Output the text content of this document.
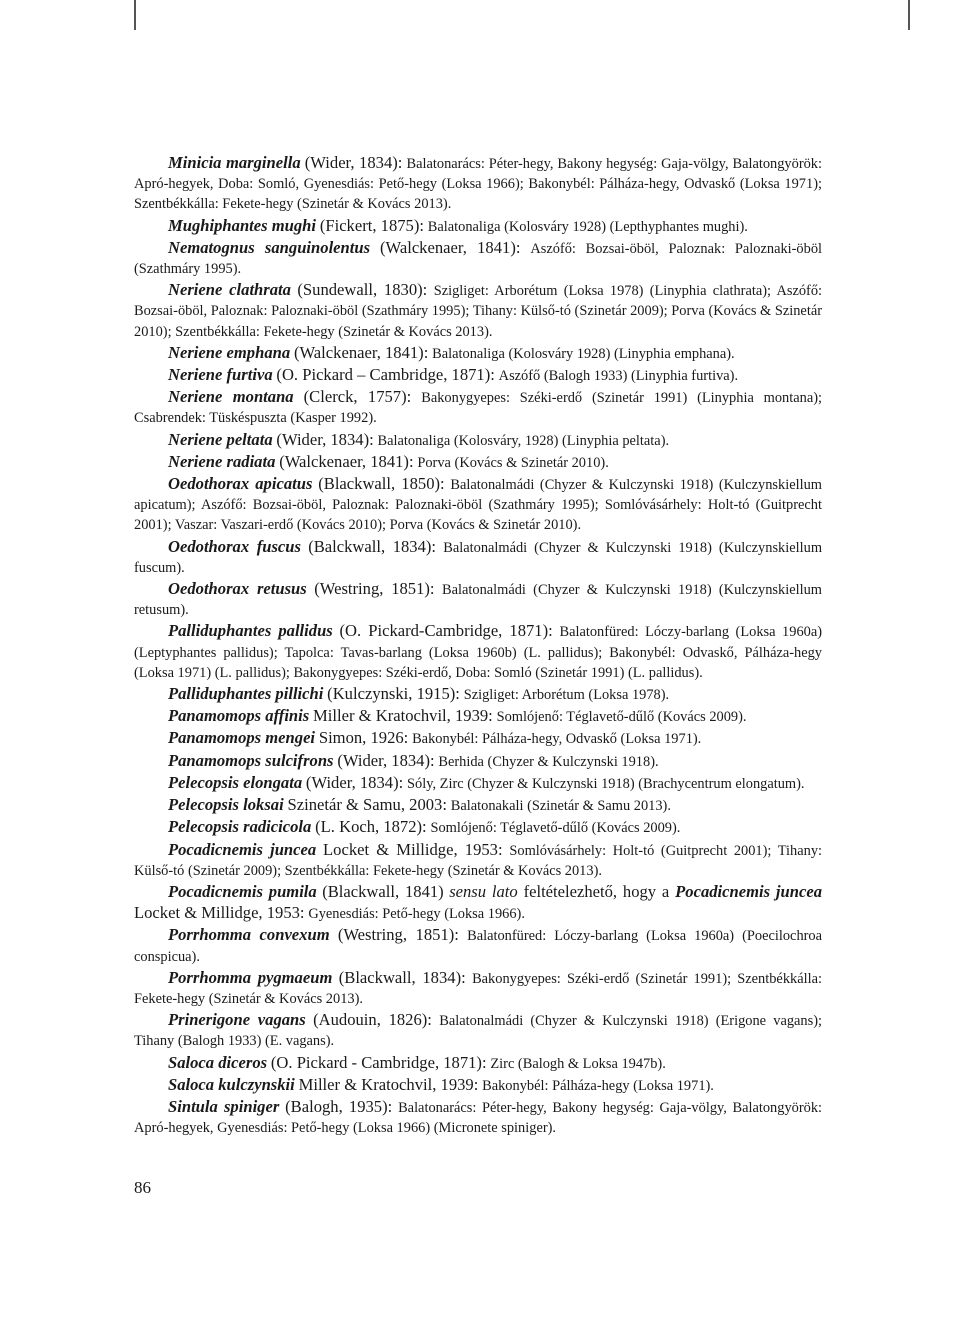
Minicia marginella (Wider, 1834): Balatonarács: Péter-hegy, Bakony hegység: Gaja-völgy, Balatongyörök: Apró-hegyek, Doba: Somló, Gyenesdiás: Pető-hegy (Loksa 1966); Bakonybél: Pálháza-hegy, Odvaskő (Loksa 1971); Szentbékkálla: Fekete-hegy (Szinetár & Kovács 2013).

Mughiphantes mughi (Fickert, 1875): Balatonaliga (Kolosváry 1928) (Lepthyphantes mughi).

Nematognus sanguinolentus (Walckenaer, 1841): Aszófő: Bozsai-öböl, Paloznak: Paloznaki-öböl (Szathmáry 1995).

Neriene clathrata (Sundewall, 1830): Szigliget: Arborétum (Loksa 1978) (Linyphia clathrata); Aszófő: Bozsai-öböl, Paloznak: Paloznaki-öböl (Szathmáry 1995); Tihany: Külső-tó (Szinetár 2009); Porva (Kovács & Szinetár 2010); Szentbékkálla: Fekete-hegy (Szinetár & Kovács 2013).

Neriene emphana (Walckenaer, 1841): Balatonaliga (Kolosváry 1928) (Linyphia emphana).

Neriene furtiva (O. Pickard – Cambridge, 1871): Aszófő (Balogh 1933) (Linyphia furtiva).

Neriene montana (Clerck, 1757): Bakonygyepes: Széki-erdő (Szinetár 1991) (Linyphia montana); Csabrendek: Tüskéspuszta (Kasper 1992).

Neriene peltata (Wider, 1834): Balatonaliga (Kolosváry, 1928) (Linyphia peltata).

Neriene radiata (Walckenaer, 1841): Porva (Kovács & Szinetár 2010).

Oedothorax apicatus (Blackwall, 1850): Balatonalmádi (Chyzer & Kulczynski 1918) (Kulczynskiellum apicatum); Aszófő: Bozsai-öböl, Paloznak: Paloznaki-öböl (Szathmáry 1995); Somlóvásárhely: Holt-tó (Guitprecht 2001); Vaszar: Vaszari-erdő (Kovács 2010); Porva (Kovács & Szinetár 2010).

Oedothorax fuscus (Balckwall, 1834): Balatonalmádi (Chyzer & Kulczynski 1918) (Kulczynskiellum fuscum).

Oedothorax retusus (Westring, 1851): Balatonalmádi (Chyzer & Kulczynski 1918) (Kulczynskiellum retusum).

Palliduphantes pallidus (O. Pickard-Cambridge, 1871): Balatonfüred: Lóczy-barlang (Loksa 1960a) (Leptyphantes pallidus); Tapolca: Tavas-barlang (Loksa 1960b) (L. pallidus); Bakonybél: Odvaskő, Pálháza-hegy (Loksa 1971) (L. pallidus); Bakonygyepes: Széki-erdő, Doba: Somló (Szinetár 1991) (L. pallidus).

Palliduphantes pillichi (Kulczynski, 1915): Szigliget: Arborétum (Loksa 1978).

Panamomops affinis Miller & Kratochvil, 1939: Somlójenő: Téglavető-dűlő (Kovács 2009).

Panamomops mengei Simon, 1926: Bakonybél: Pálháza-hegy, Odvaskő (Loksa 1971).

Panamomops sulcifrons (Wider, 1834): Berhida (Chyzer & Kulczynski 1918).

Pelecopsis elongata (Wider, 1834): Sóly, Zirc (Chyzer & Kulczynski 1918) (Brachycentrum elongatum).

Pelecopsis loksai Szinetár & Samu, 2003: Balatonakali (Szinetár & Samu 2013).

Pelecopsis radicicola (L. Koch, 1872): Somlójenő: Téglavető-dűlő (Kovács 2009).

Pocadicnemis juncea Locket & Millidge, 1953: Somlóvásárhely: Holt-tó (Guitprecht 2001); Tihany: Külső-tó (Szinetár 2009); Szentbékkálla: Fekete-hegy (Szinetár & Kovács 2013).

Pocadicnemis pumila (Blackwall, 1841) sensu lato feltételezhető, hogy a Pocadicnemis juncea Locket & Millidge, 1953: Gyenesdiás: Pető-hegy (Loksa 1966).

Porrhomma convexum (Westring, 1851): Balatonfüred: Lóczy-barlang (Loksa 1960a) (Poecilochroa conspicua).

Porrhomma pygmaeum (Blackwall, 1834): Bakonygyepes: Széki-erdő (Szinetár 1991); Szentbékkálla: Fekete-hegy (Szinetár & Kovács 2013).

Prinerigone vagans (Audouin, 1826): Balatonalmádi (Chyzer & Kulczynski 1918) (Erigone vagans); Tihany (Balogh 1933) (E. vagans).

Saloca diceros (O. Pickard - Cambridge, 1871): Zirc (Balogh & Loksa 1947b).

Saloca kulczynskii Miller & Kratochvil, 1939: Bakonybél: Pálháza-hegy (Loksa 1971).

Sintula spiniger (Balogh, 1935): Balatonarács: Péter-hegy, Bakony hegység: Gaja-völgy, Balatongyörök: Apró-hegyek, Gyenesdiás: Pető-hegy (Loksa 1966) (Micronete spiniger).

86
